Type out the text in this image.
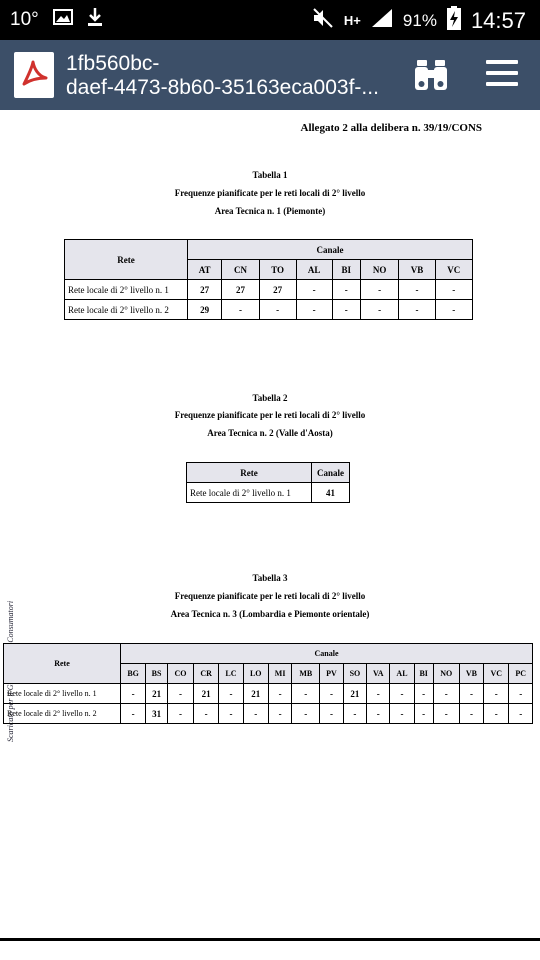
10°	H+ 91% 14:57
1fb560bc-
daef-4473-8b60-35163eca003f-...
Allegato 2 alla delibera n. 39/19/CONS
Tabella 1
Frequenze pianificate per le reti locali di 2° livello
Area Tecnica n. 1 (Piemonte)
Rete	Canale							
	AT	CN	TO	AL	BI	NO	VB	VC
Rete locale di 2° livello n. 1	27	27	27	-	-	-	-	-
Rete locale di 2° livello n. 2	29	-	-	-	-	-	-	-
Tabella 2
Frequenze pianificate per le reti locali di 2° livello
Area Tecnica n. 2 (Valle d'Aosta)
Rete	Canale
Rete locale di 2° livello n. 1	41
Tabella 3
Frequenze pianificate per le reti locali di 2° livello
Area Tecnica n. 3 (Lombardia e Piemonte orientale)
Rete	Canale																
	BG	BS	CO	CR	LC	LO	MI	MB	PV	SO	VA	AL	BI	NO	VB	VC	PC
Rete locale di 2° livello n. 1	-	21	-	21	-	21	-	-	-	21	-	-	-	-	-	-	-
Rete locale di 2° livello n. 2	-	31	-	-	-	-	-	-	-	-	-	-	-	-	-	-	-
